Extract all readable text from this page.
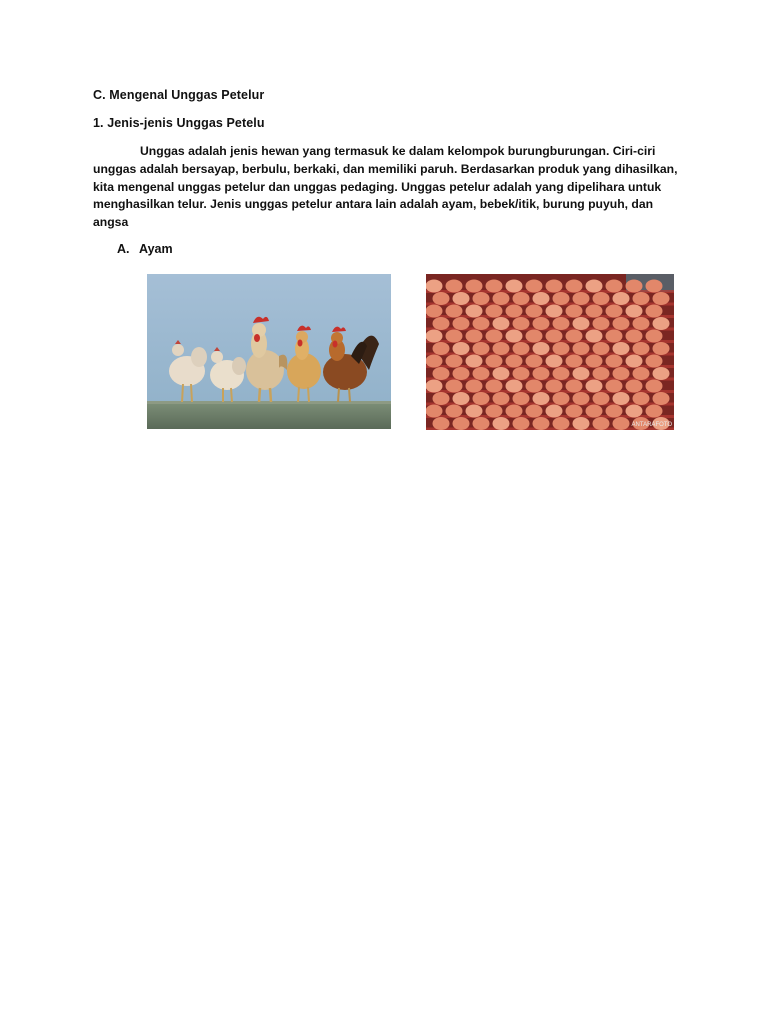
C. Mengenal Unggas Petelur
1. Jenis-jenis Unggas Petelu
Unggas adalah jenis hewan yang termasuk ke dalam kelompok burungburungan. Ciri-ciri unggas adalah bersayap, berbulu, berkaki, dan memiliki paruh. Berdasarkan produk yang dihasilkan, kita mengenal unggas petelur dan unggas pedaging. Unggas petelur adalah yang dipelihara untuk menghasilkan telur. Jenis unggas petelur antara lain adalah ayam, bebek/itik, burung puyuh, dan angsa
A. Ayam
ANTARAFOTO
